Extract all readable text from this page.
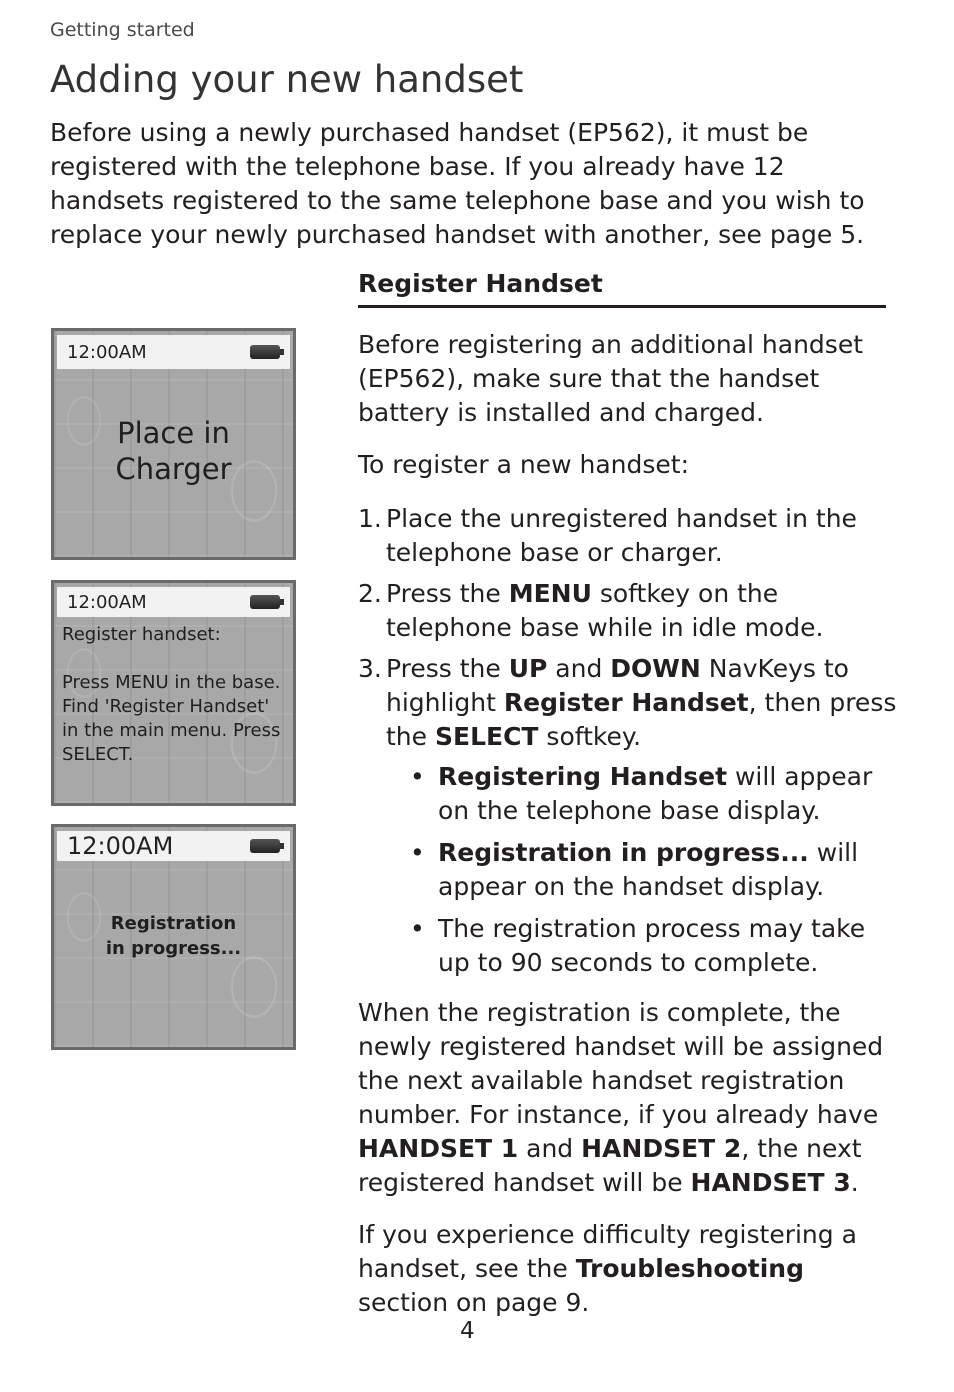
Getting started
Adding your new handset

Before using a newly purchased handset (EP562), it must be registered with the telephone base. If you already have 12 handsets registered to the same telephone base and you wish to replace your newly purchased handset with another, see page 5.

12:00AM
Place in
Charger
12:00AM
Register handset:
Press MENU in the base. Find 'Register Handset' in the main menu. Press SELECT.
12:00AM
Registration
in progress...
Register Handset

Before registering an additional handset (EP562), make sure that the handset battery is installed and charged.

To register a new handset:

1. Place the unregistered handset in the telephone base or charger.
2. Press the MENU softkey on the telephone base while in idle mode.
3. Press the UP and DOWN NavKeys to highlight Register Handset, then press the SELECT softkey.
• Registering Handset will appear on the telephone base display.
• Registration in progress... will appear on the handset display.
• The registration process may take up to 90 seconds to complete.

When the registration is complete, the newly registered handset will be assigned the next available handset registration number. For instance, if you already have HANDSET 1 and HANDSET 2, the next registered handset will be HANDSET 3.

If you experience difficulty registering a handset, see the Troubleshooting section on page 9.

4
